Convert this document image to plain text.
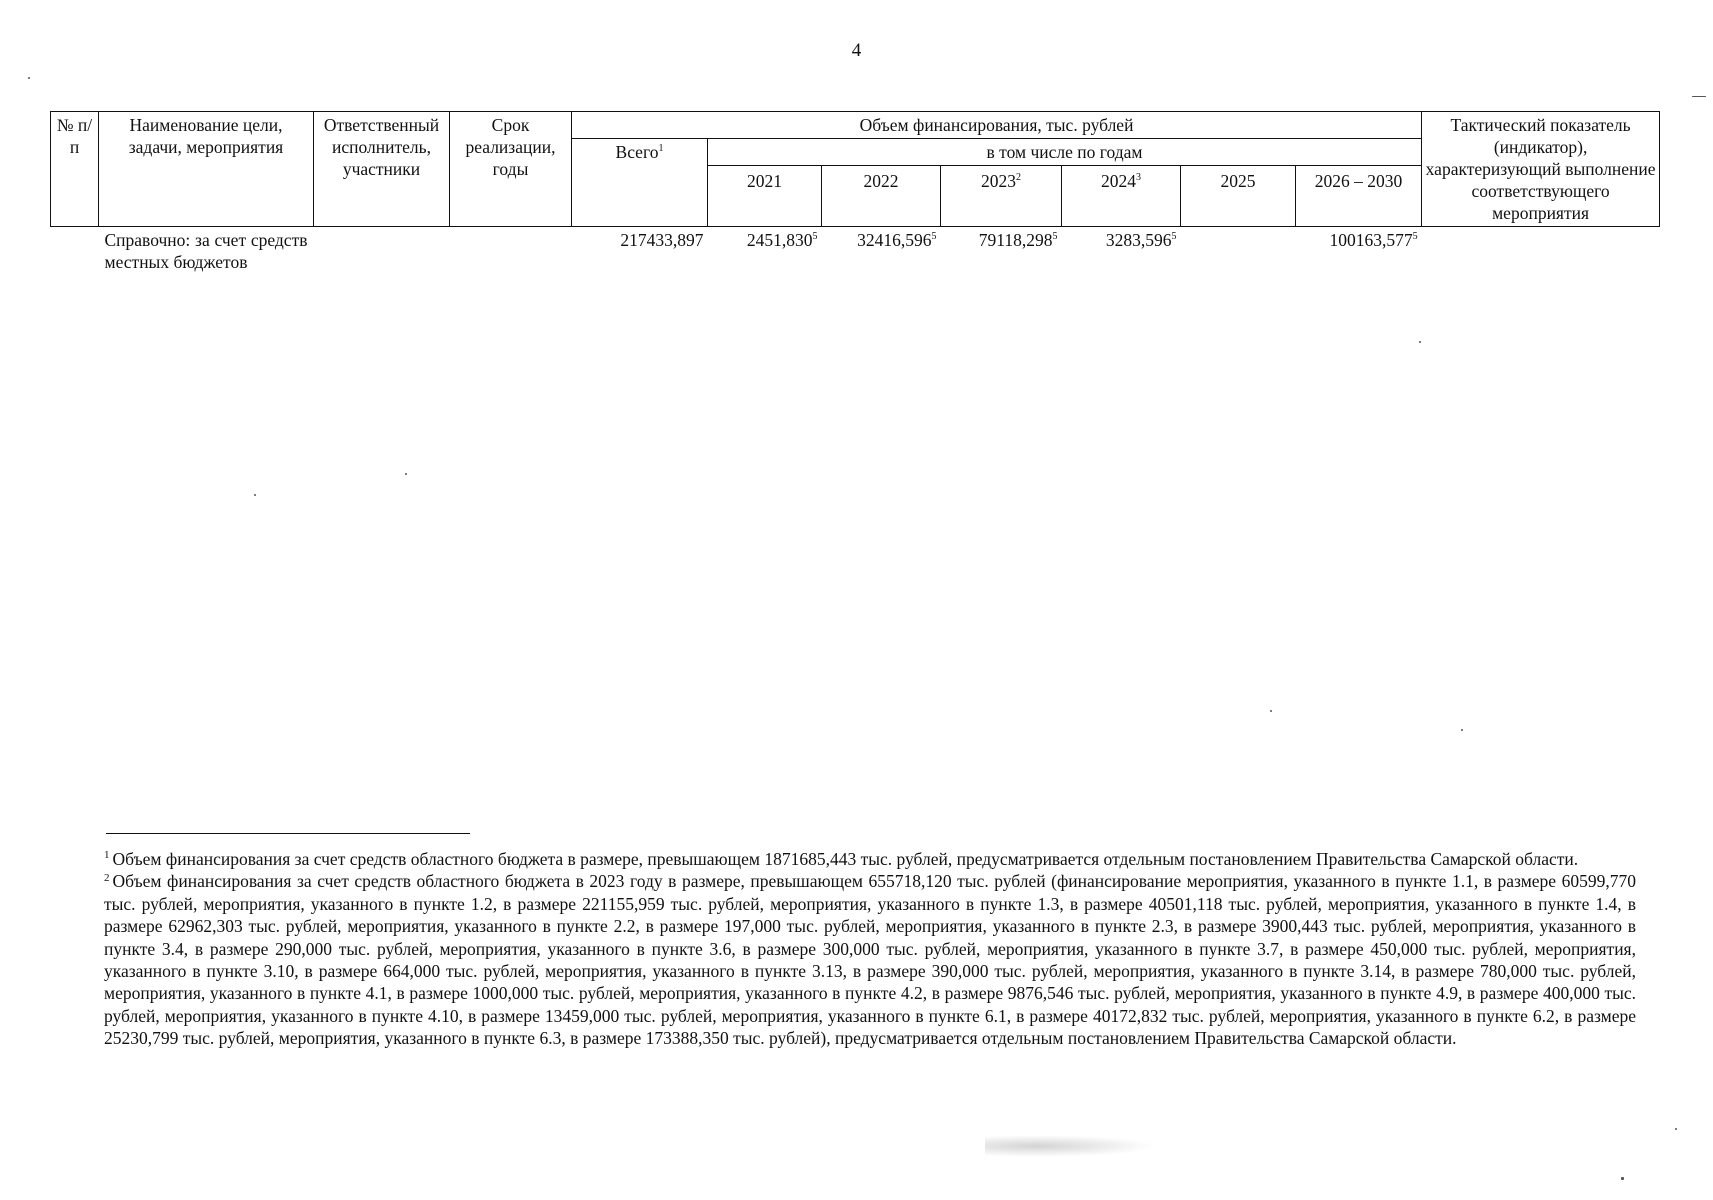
4
№ п/п	Наименование цели, задачи, мероприятия	Ответственный исполнитель, участники	Срок реализации, годы	Объем финансирования, тыс. рублей							Тактический показатель (индикатор), характеризующий выполнение соответствующего мероприятия
				Всего$^1$	в том числе по годам						
					2021	2022	2023$^2$	2024$^3$	2025	2026 – 2030	
	Справочно: за счет средств местных бюджетов			217433,897	2451,830$^5$	32416,596$^5$	79118,298$^5$	3283,596$^5$		100163,577$^5$	

$^1$ Объем финансирования за счет средств областного бюджета в размере, превышающем 1871685,443 тыс. рублей, предусматривается отдельным постановлением Правительства Самарской области.

$^2$ Объем финансирования за счет средств областного бюджета в 2023 году в размере, превышающем 655718,120 тыс. рублей (финансирование мероприятия, указанного в пункте 1.1, в размере 60599,770 тыс. рублей, мероприятия, указанного в пункте 1.2, в размере 221155,959 тыс. рублей, мероприятия, указанного в пункте 1.3, в размере 40501,118 тыс. рублей, мероприятия, указанного в пункте 1.4, в размере 62962,303 тыс. рублей, мероприятия, указанного в пункте 2.2, в размере 197,000 тыс. рублей, мероприятия, указанного в пункте 2.3, в размере 3900,443 тыс. рублей, мероприятия, указанного в пункте 3.4, в размере 290,000 тыс. рублей, мероприятия, указанного в пункте 3.6, в размере 300,000 тыс. рублей, мероприятия, указанного в пункте 3.7, в размере 450,000 тыс. рублей, мероприятия, указанного в пункте 3.10, в размере 664,000 тыс. рублей, мероприятия, указанного в пункте 3.13, в размере 390,000 тыс. рублей, мероприятия, указанного в пункте 3.14, в размере 780,000 тыс. рублей, мероприятия, указанного в пункте 4.1, в размере 1000,000 тыс. рублей, мероприятия, указанного в пункте 4.2, в размере 9876,546 тыс. рублей, мероприятия, указанного в пункте 4.9, в размере 400,000 тыс. рублей, мероприятия, указанного в пункте 4.10, в размере 13459,000 тыс. рублей, мероприятия, указанного в пункте 6.1, в размере 40172,832 тыс. рублей, мероприятия, указанного в пункте 6.2, в размере 25230,799 тыс. рублей, мероприятия, указанного в пункте 6.3, в размере 173388,350 тыс. рублей), предусматривается отдельным постановлением Правительства Самарской области.
